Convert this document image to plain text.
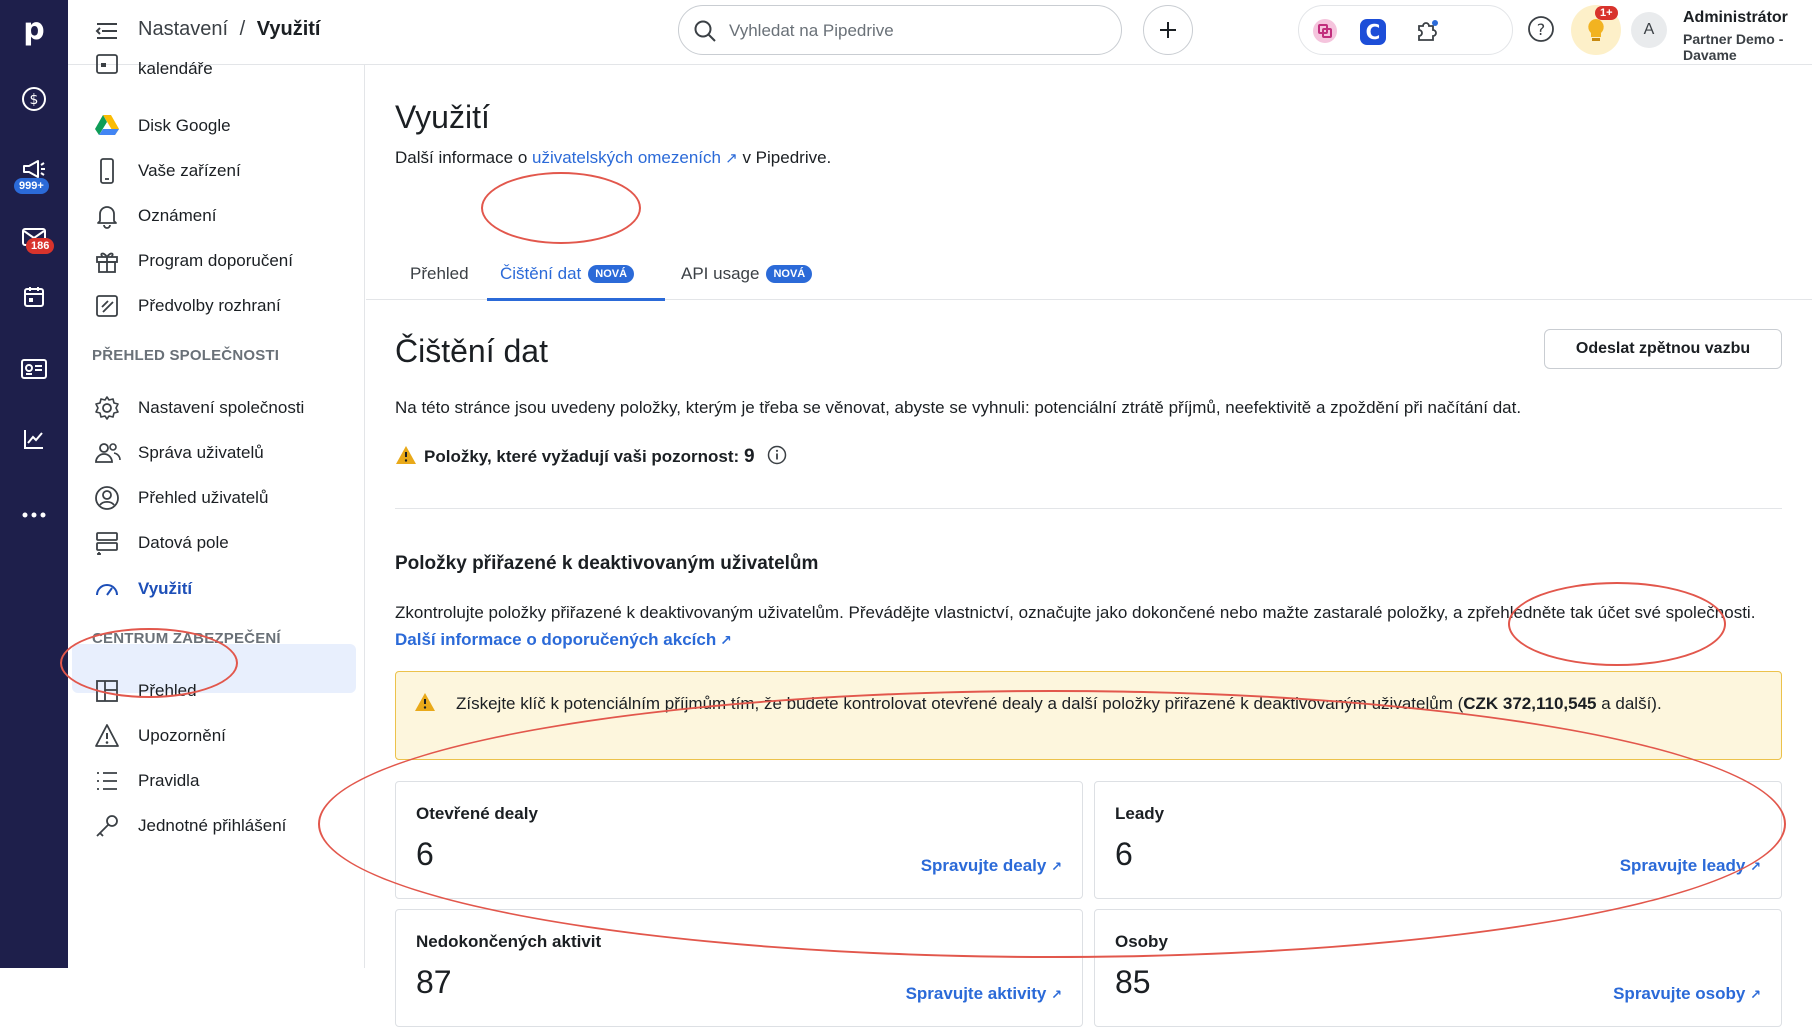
p
$
999+
186
Nastavení / Využití	Vyhledat na Pipedrive	C	?
1+
A
Administrátor
Partner Demo - Davame
kalendáře
Disk Google
Vaše zařízení
Oznámení
Program doporučení
Předvolby rozhraní
PŘEHLED SPOLEČNOSTI
Nastavení společnosti
Správa uživatelů
Přehled uživatelů
Datová pole
Využití
CENTRUM ZABEZPEČENÍ
Přehled
Upozornění
Pravidla
Jednotné přihlášení
Využití
Další informace o uživatelských omezeních ↗ v Pipedrive.
Přehled Čištění dat NOVÁ	API usage NOVÁ
Čištění dat	Odeslat zpětnou vazbu
Na této stránce jsou uvedeny položky, kterým je třeba se věnovat, abyste se vyhnuli: potenciální ztrátě příjmů, neefektivitě a zpoždění při načítání dat.
Položky, které vyžadují vaši pozornost: 9
Položky přiřazené k deaktivovaným uživatelům
Zkontrolujte položky přiřazené k deaktivovaným uživatelům. Převádějte vlastnictví, označujte jako dokončené nebo mažte zastaralé položky, a zpřehledněte tak účet své společnosti. Další informace o doporučených akcích ↗
Získejte klíč k potenciálním příjmům tím, že budete kontrolovat otevřené dealy a další položky přiřazené k deaktivovaným uživatelům (CZK 372,110,545 a další).
Otevřené dealy
6	Spravujte dealy ↗
Leady
6	Spravujte leady ↗
Nedokončených aktivit
87	Spravujte aktivity ↗
Osoby
85	Spravujte osoby ↗
